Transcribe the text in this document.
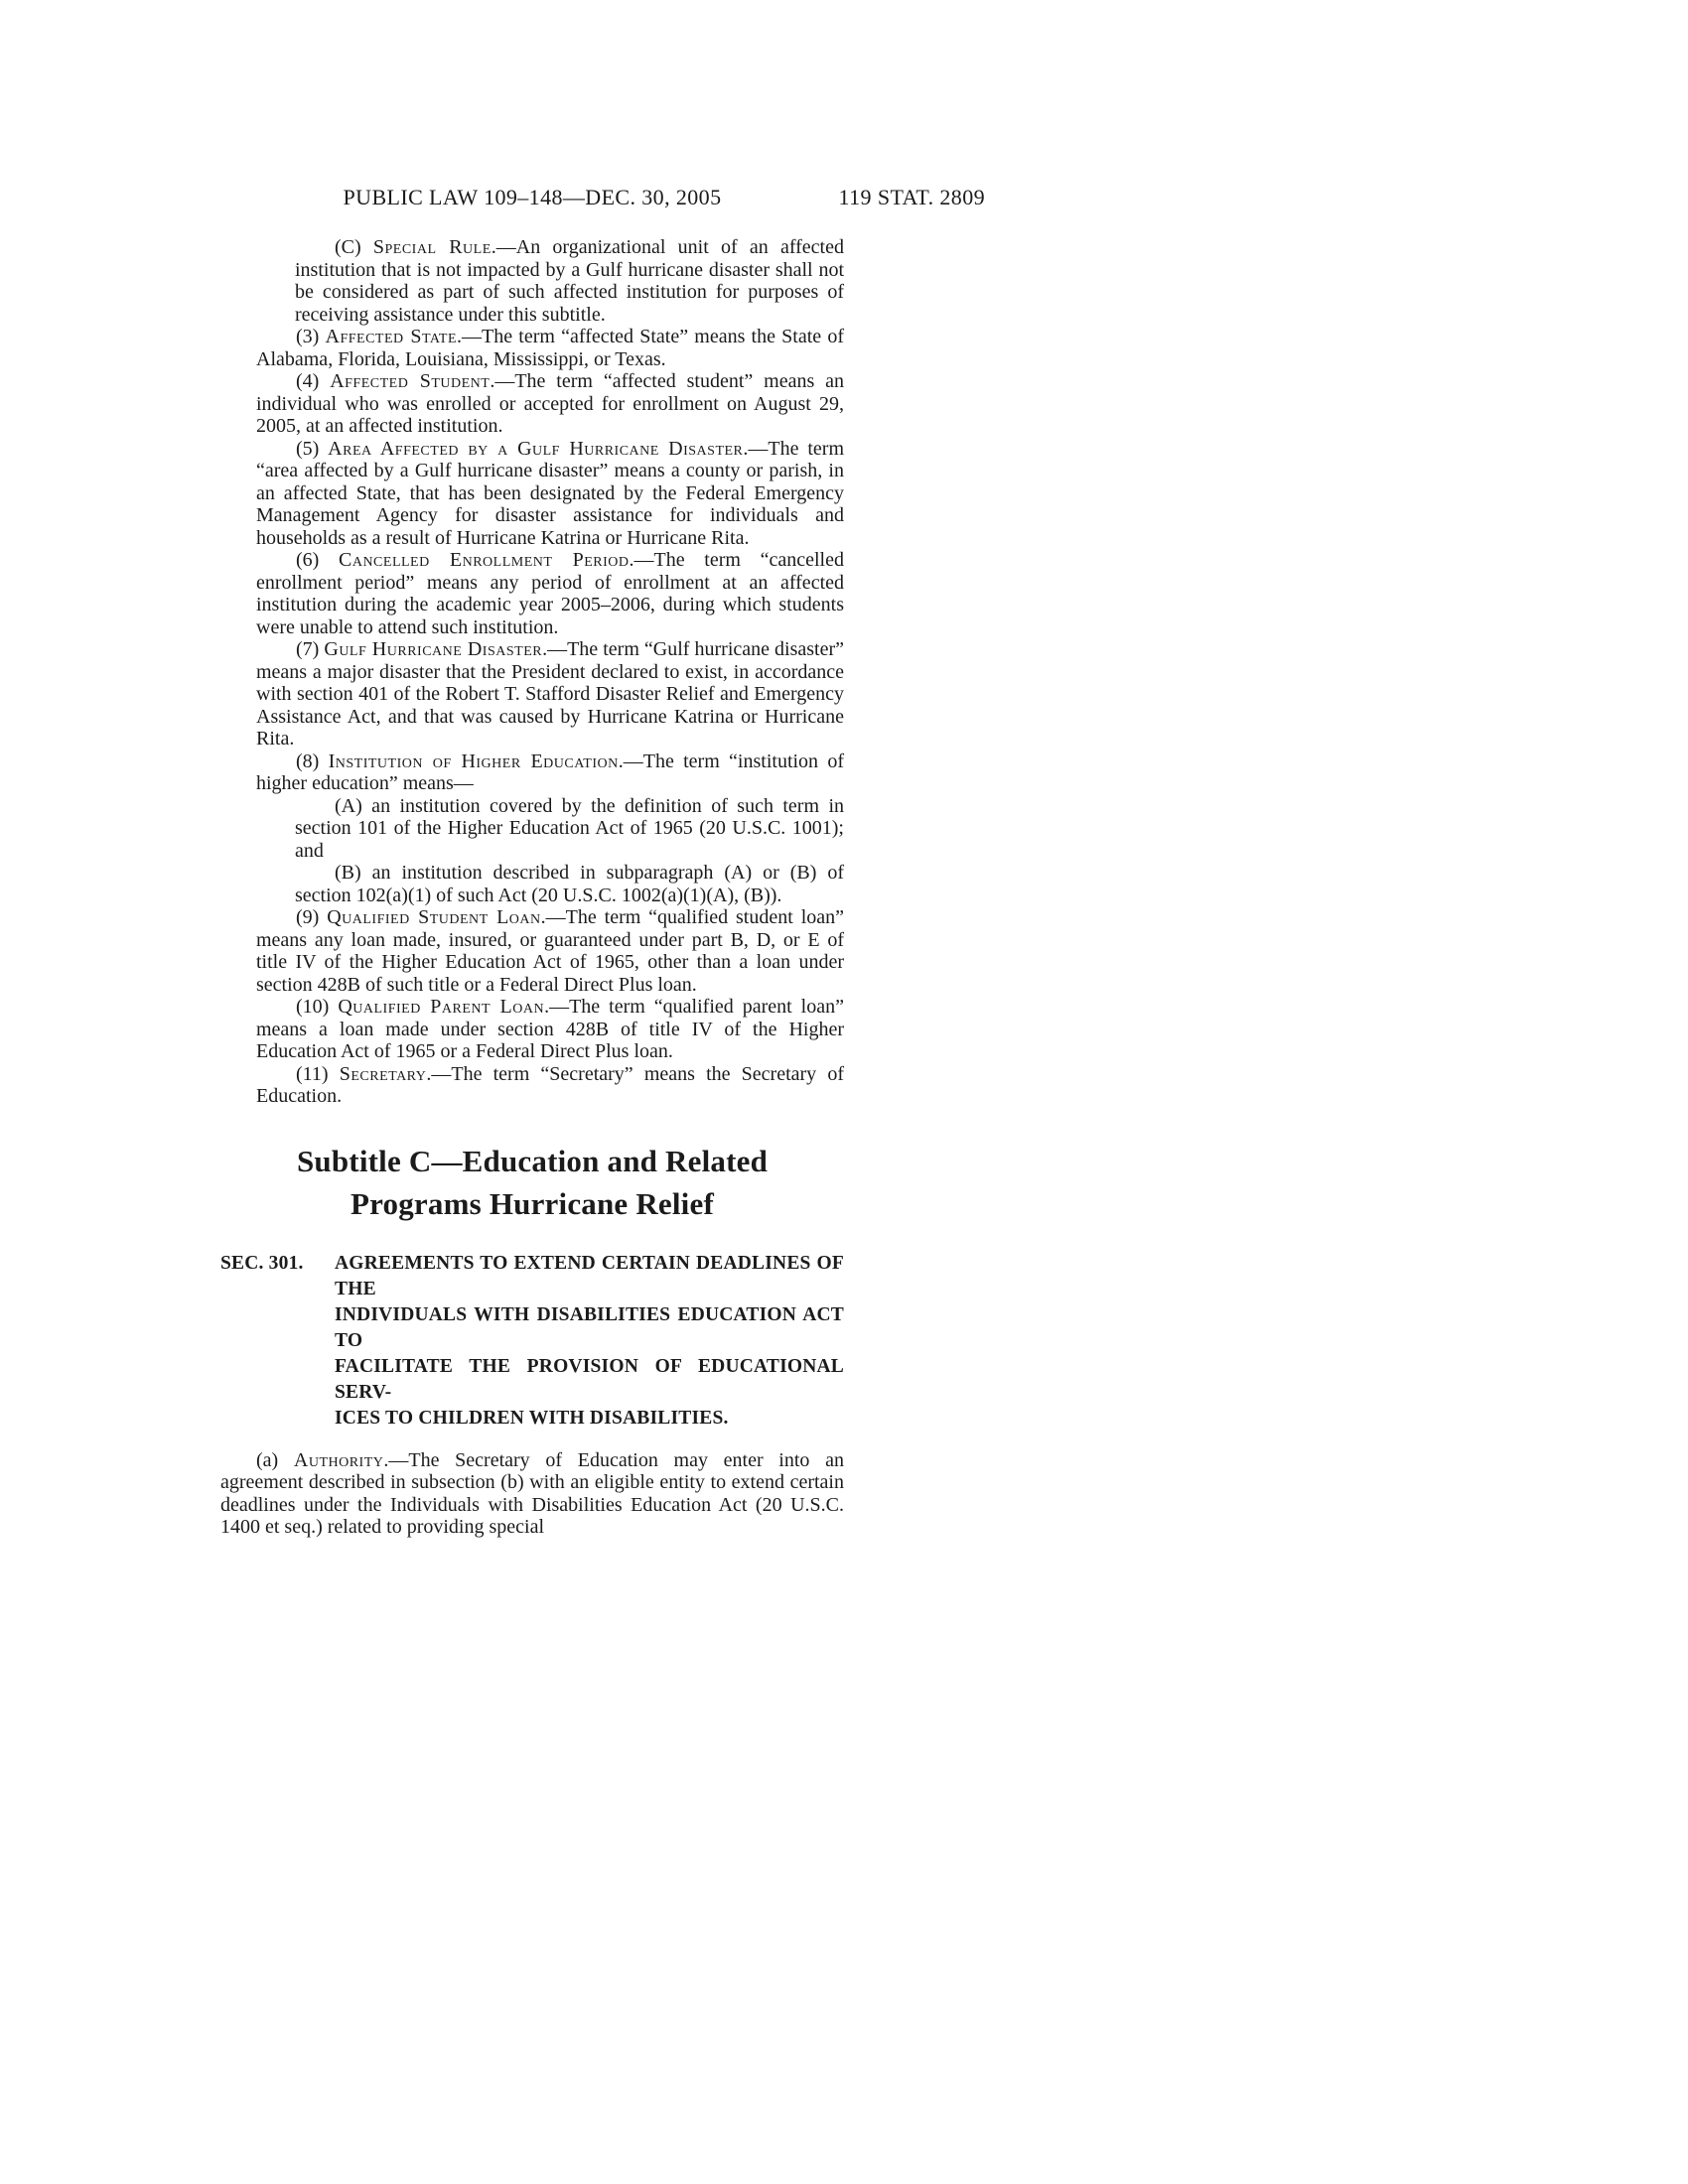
PUBLIC LAW 109–148—DEC. 30, 2005	119 STAT. 2809

(C) Special Rule.—An organizational unit of an affected institution that is not impacted by a Gulf hurricane disaster shall not be considered as part of such affected institution for purposes of receiving assistance under this subtitle.

(3) Affected State.—The term “affected State” means the State of Alabama, Florida, Louisiana, Mississippi, or Texas.

(4) Affected Student.—The term “affected student” means an individual who was enrolled or accepted for enrollment on August 29, 2005, at an affected institution.

(5) Area Affected by a Gulf Hurricane Disaster.—The term “area affected by a Gulf hurricane disaster” means a county or parish, in an affected State, that has been designated by the Federal Emergency Management Agency for disaster assistance for individuals and households as a result of Hurricane Katrina or Hurricane Rita.

(6) Cancelled Enrollment Period.—The term “cancelled enrollment period” means any period of enrollment at an affected institution during the academic year 2005–2006, during which students were unable to attend such institution.

(7) Gulf Hurricane Disaster.—The term “Gulf hurricane disaster” means a major disaster that the President declared to exist, in accordance with section 401 of the Robert T. Stafford Disaster Relief and Emergency Assistance Act, and that was caused by Hurricane Katrina or Hurricane Rita.

(8) Institution of Higher Education.—The term “institution of higher education” means—

(A) an institution covered by the definition of such term in section 101 of the Higher Education Act of 1965 (20 U.S.C. 1001); and

(B) an institution described in subparagraph (A) or (B) of section 102(a)(1) of such Act (20 U.S.C. 1002(a)(1)(A), (B)).

(9) Qualified Student Loan.—The term “qualified student loan” means any loan made, insured, or guaranteed under part B, D, or E of title IV of the Higher Education Act of 1965, other than a loan under section 428B of such title or a Federal Direct Plus loan.

(10) Qualified Parent Loan.—The term “qualified parent loan” means a loan made under section 428B of title IV of the Higher Education Act of 1965 or a Federal Direct Plus loan.

(11) Secretary.—The term “Secretary” means the Secretary of Education.

Subtitle C—Education and Related
Programs Hurricane Relief

SEC. 301. AGREEMENTS TO EXTEND CERTAIN DEADLINES OF THE
INDIVIDUALS WITH DISABILITIES EDUCATION ACT TO
FACILITATE THE PROVISION OF EDUCATIONAL SERV-
ICES TO CHILDREN WITH DISABILITIES.

(a) Authority.—The Secretary of Education may enter into an agreement described in subsection (b) with an eligible entity to extend certain deadlines under the Individuals with Disabilities Education Act (20 U.S.C. 1400 et seq.) related to providing special
